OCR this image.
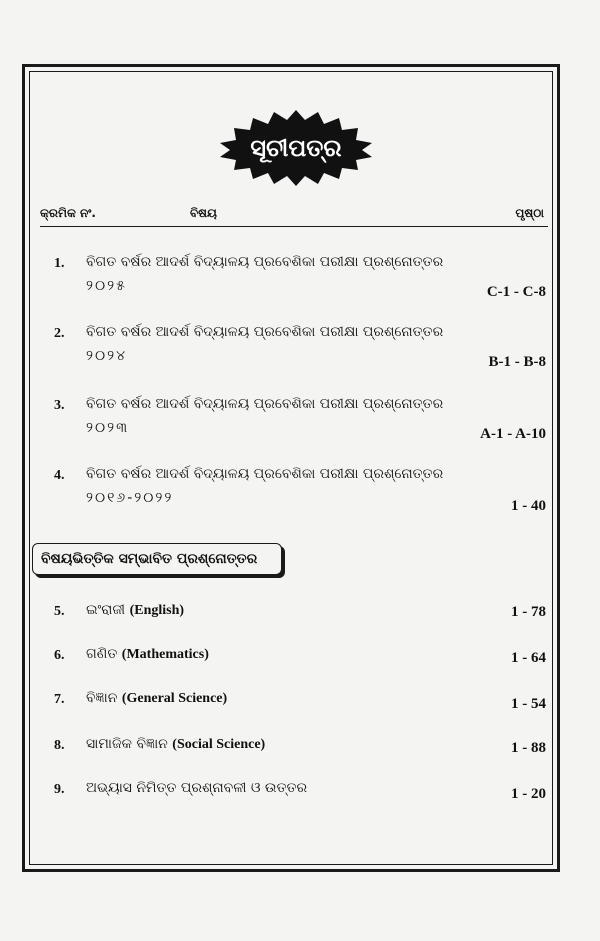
ସୂଚୀପତ୍ର
କ୍ରମିକ ନଂ.	ବିଷୟ	ପୃଷ୍ଠା
1. ବିଗତ ବର୍ଷର ଆଦର୍ଶ ବିଦ୍ୟାଳୟ ପ୍ରବେଶିକା ପରୀକ୍ଷା ପ୍ରଶ୍ନୋତ୍ତର
୨୦୨୫	C-1 - C-8
2. ବିଗତ ବର୍ଷର ଆଦର୍ଶ ବିଦ୍ୟାଳୟ ପ୍ରବେଶିକା ପରୀକ୍ଷା ପ୍ରଶ୍ନୋତ୍ତର
୨୦୨୪	B-1 - B-8
3. ବିଗତ ବର୍ଷର ଆଦର୍ଶ ବିଦ୍ୟାଳୟ ପ୍ରବେଶିକା ପରୀକ୍ଷା ପ୍ରଶ୍ନୋତ୍ତର
୨୦୨୩	A-1 - A-10
4. ବିଗତ ବର୍ଷର ଆଦର୍ଶ ବିଦ୍ୟାଳୟ ପ୍ରବେଶିକା ପରୀକ୍ଷା ପ୍ରଶ୍ନୋତ୍ତର
୨୦୧୬-୨୦୨୨	1 - 40
ବିଷୟଭିତ୍ତିକ ସମ୍ଭାବିତ ପ୍ରଶ୍ନୋତ୍ତର
5. ଇଂରାଜୀ (English)	1 - 78
6. ଗଣିତ (Mathematics)	1 - 64
7. ବିଜ୍ଞାନ (General Science)	1 - 54
8. ସାମାଜିକ ବିଜ୍ଞାନ (Social Science)	1 - 88
9. ଅଭ୍ୟାସ ନିମିତ୍ତ ପ୍ରଶ୍ନାବଳୀ ଓ ଉତ୍ତର	1 - 20
